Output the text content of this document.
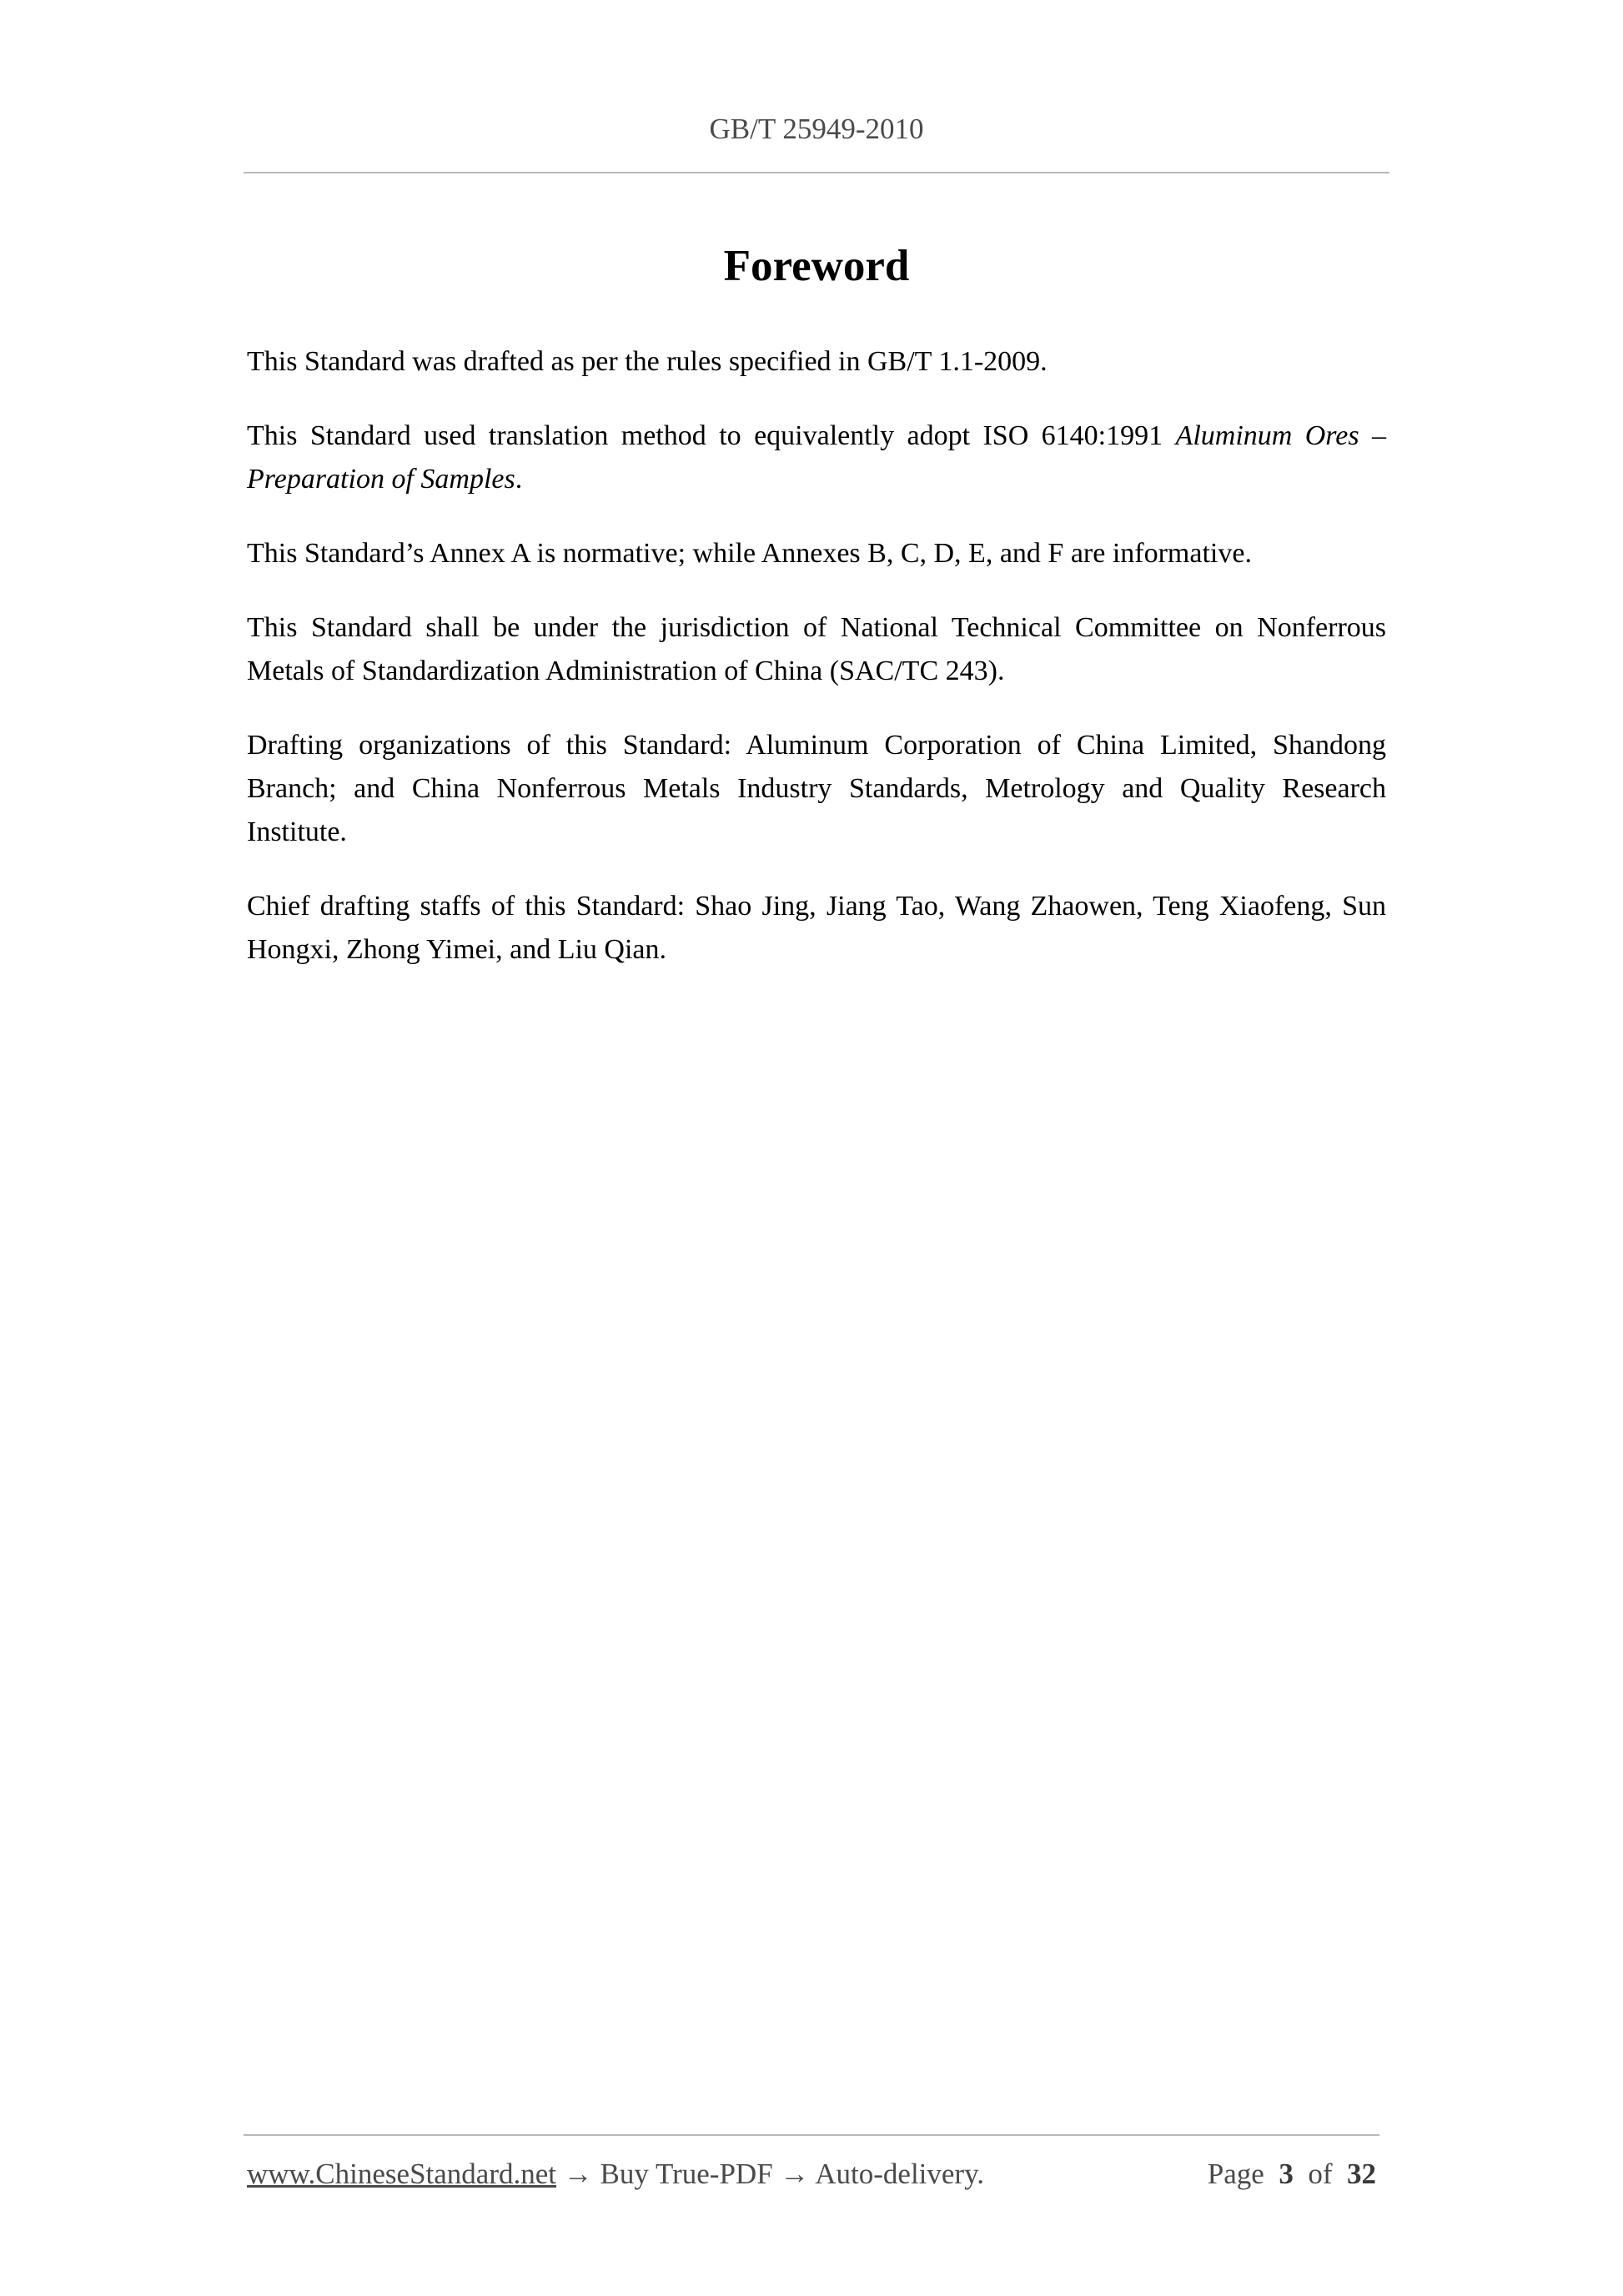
GB/T 25949-2010
Foreword

This Standard was drafted as per the rules specified in GB/T 1.1-2009.

This Standard used translation method to equivalently adopt ISO 6140:1991 Aluminum Ores – Preparation of Samples.

This Standard’s Annex A is normative; while Annexes B, C, D, E, and F are informative.

This Standard shall be under the jurisdiction of National Technical Committee on Nonferrous Metals of Standardization Administration of China (SAC/TC 243).

Drafting organizations of this Standard: Aluminum Corporation of China Limited, Shandong Branch; and China Nonferrous Metals Industry Standards, Metrology and Quality Research Institute.

Chief drafting staffs of this Standard: Shao Jing, Jiang Tao, Wang Zhaowen, Teng Xiaofeng, Sun Hongxi, Zhong Yimei, and Liu Qian.

www.ChineseStandard.net → Buy True-PDF → Auto-delivery.	Page 3 of 32
